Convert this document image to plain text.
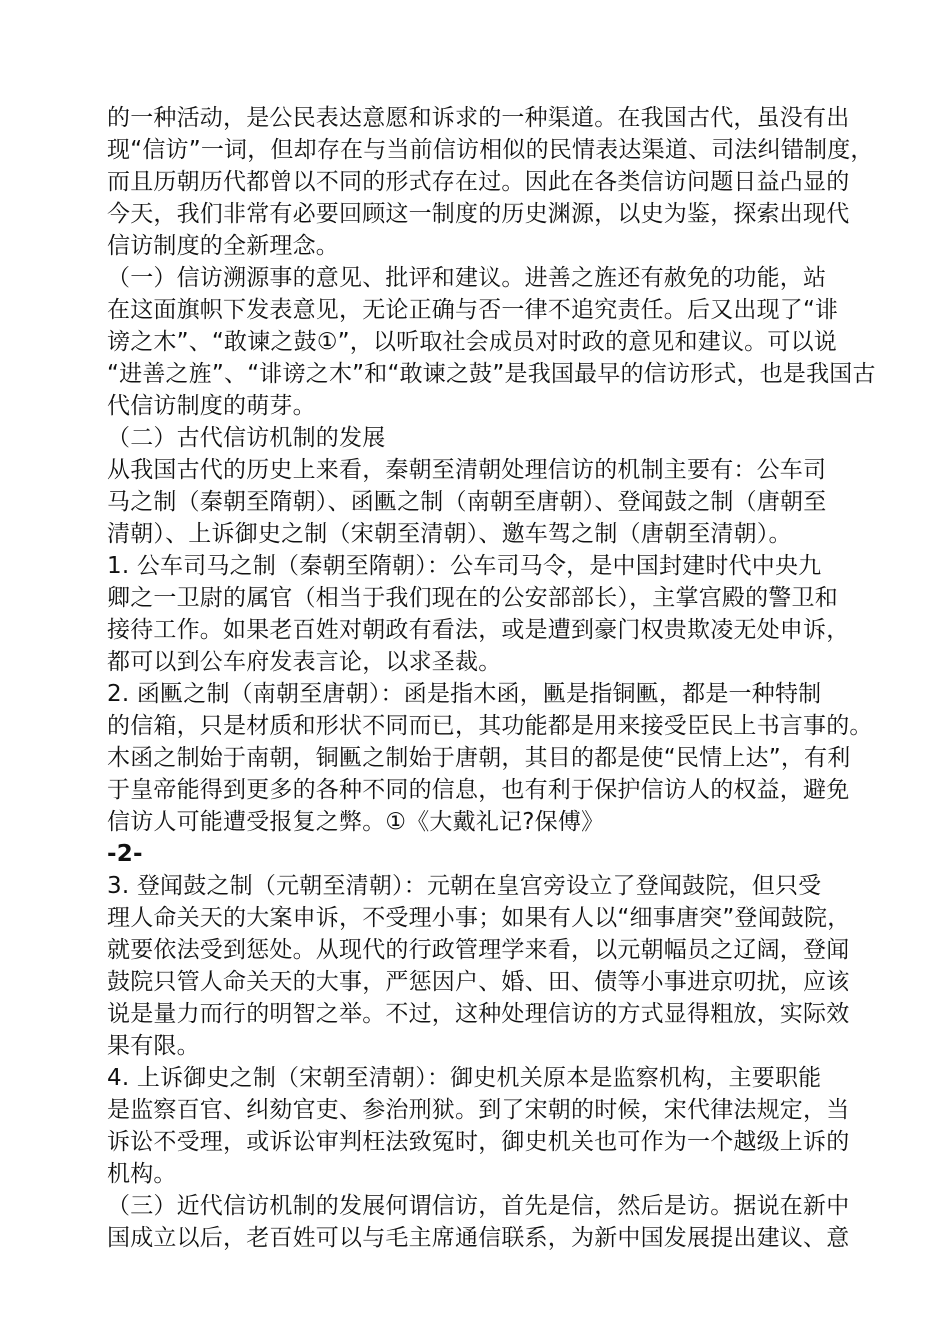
的一种活动，是公民表达意愿和诉求的一种渠道。在我国古代，虽没有出
现“信访”一词，但却存在与当前信访相似的民情表达渠道、司法纠错制度，
而且历朝历代都曾以不同的形式存在过。因此在各类信访问题日益凸显的
今天，我们非常有必要回顾这一制度的历史渊源，以史为鉴，探索出现代
信访制度的全新理念。
（一）信访溯源事的意见、批评和建议。进善之旌还有赦免的功能，站
在这面旗帜下发表意见，无论正确与否一律不追究责任。后又出现了“诽
谤之木”、“敢谏之鼓①”，以听取社会成员对时政的意见和建议。可以说
“进善之旌”、“诽谤之木”和“敢谏之鼓”是我国最早的信访形式，也是我国古
代信访制度的萌芽。
（二）古代信访机制的发展
从我国古代的历史上来看，秦朝至清朝处理信访的机制主要有：公车司
马之制（秦朝至隋朝）、函匭之制（南朝至唐朝）、登闻鼓之制（唐朝至
清朝）、上诉御史之制（宋朝至清朝）、邀车驾之制（唐朝至清朝）。
1. 公车司马之制（秦朝至隋朝）：公车司马令，是中国封建时代中央九
卿之一卫尉的属官（相当于我们现在的公安部部长），主掌宫殿的警卫和
接待工作。如果老百姓对朝政有看法，或是遭到豪门权贵欺凌无处申诉，
都可以到公车府发表言论，以求圣裁。
2. 函匭之制（南朝至唐朝）：函是指木函，匭是指铜匭，都是一种特制
的信箱，只是材质和形状不同而已，其功能都是用来接受臣民上书言事的。
木函之制始于南朝，铜匭之制始于唐朝，其目的都是使“民情上达”，有利
于皇帝能得到更多的各种不同的信息，也有利于保护信访人的权益，避免
信访人可能遭受报复之弊。①《大戴礼记?保傅》
-2-
3. 登闻鼓之制（元朝至清朝）：元朝在皇宫旁设立了登闻鼓院，但只受
理人命关天的大案申诉，不受理小事；如果有人以“细事唐突”登闻鼓院，
就要依法受到惩处。从现代的行政管理学来看，以元朝幅员之辽阔，登闻
鼓院只管人命关天的大事，严惩因户、婚、田、债等小事进京叨扰，应该
说是量力而行的明智之举。不过，这种处理信访的方式显得粗放，实际效
果有限。
4. 上诉御史之制（宋朝至清朝）：御史机关原本是监察机构，主要职能
是监察百官、纠劾官吏、参治刑狱。到了宋朝的时候，宋代律法规定，当
诉讼不受理，或诉讼审判枉法致冤时，御史机关也可作为一个越级上诉的
机构。
（三）近代信访机制的发展何谓信访，首先是信，然后是访。据说在新中
国成立以后，老百姓可以与毛主席通信联系，为新中国发展提出建议、意
